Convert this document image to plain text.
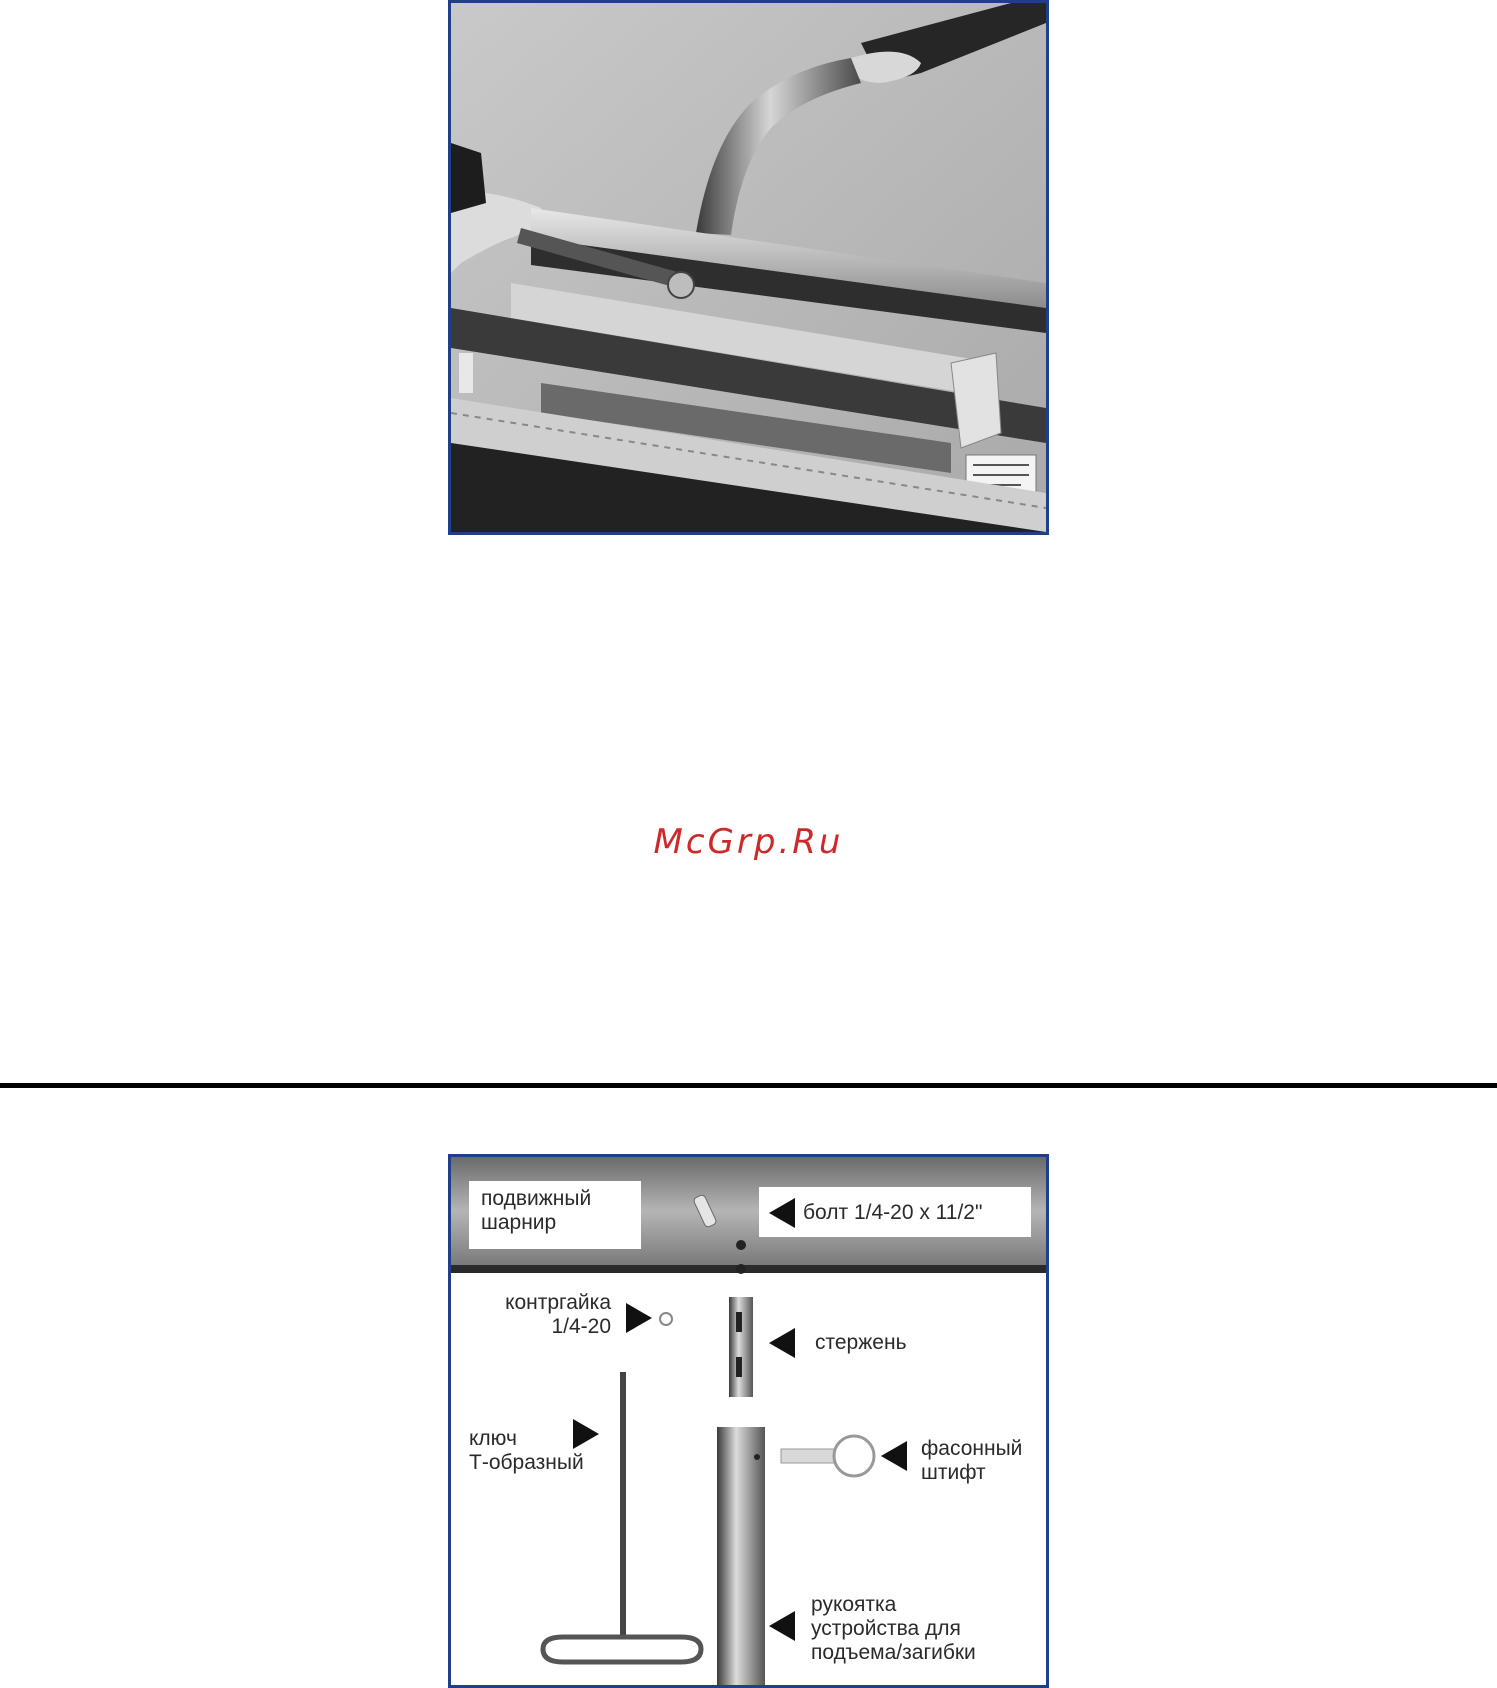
McGrp.Ru
подвижный
шарнир	болт 1/4-20 x 11/2"
контргайка
1/4-20
стержень
ключ
Т-образный
фасонный
штифт
рукоятка
устройства для
подъема/загибки
